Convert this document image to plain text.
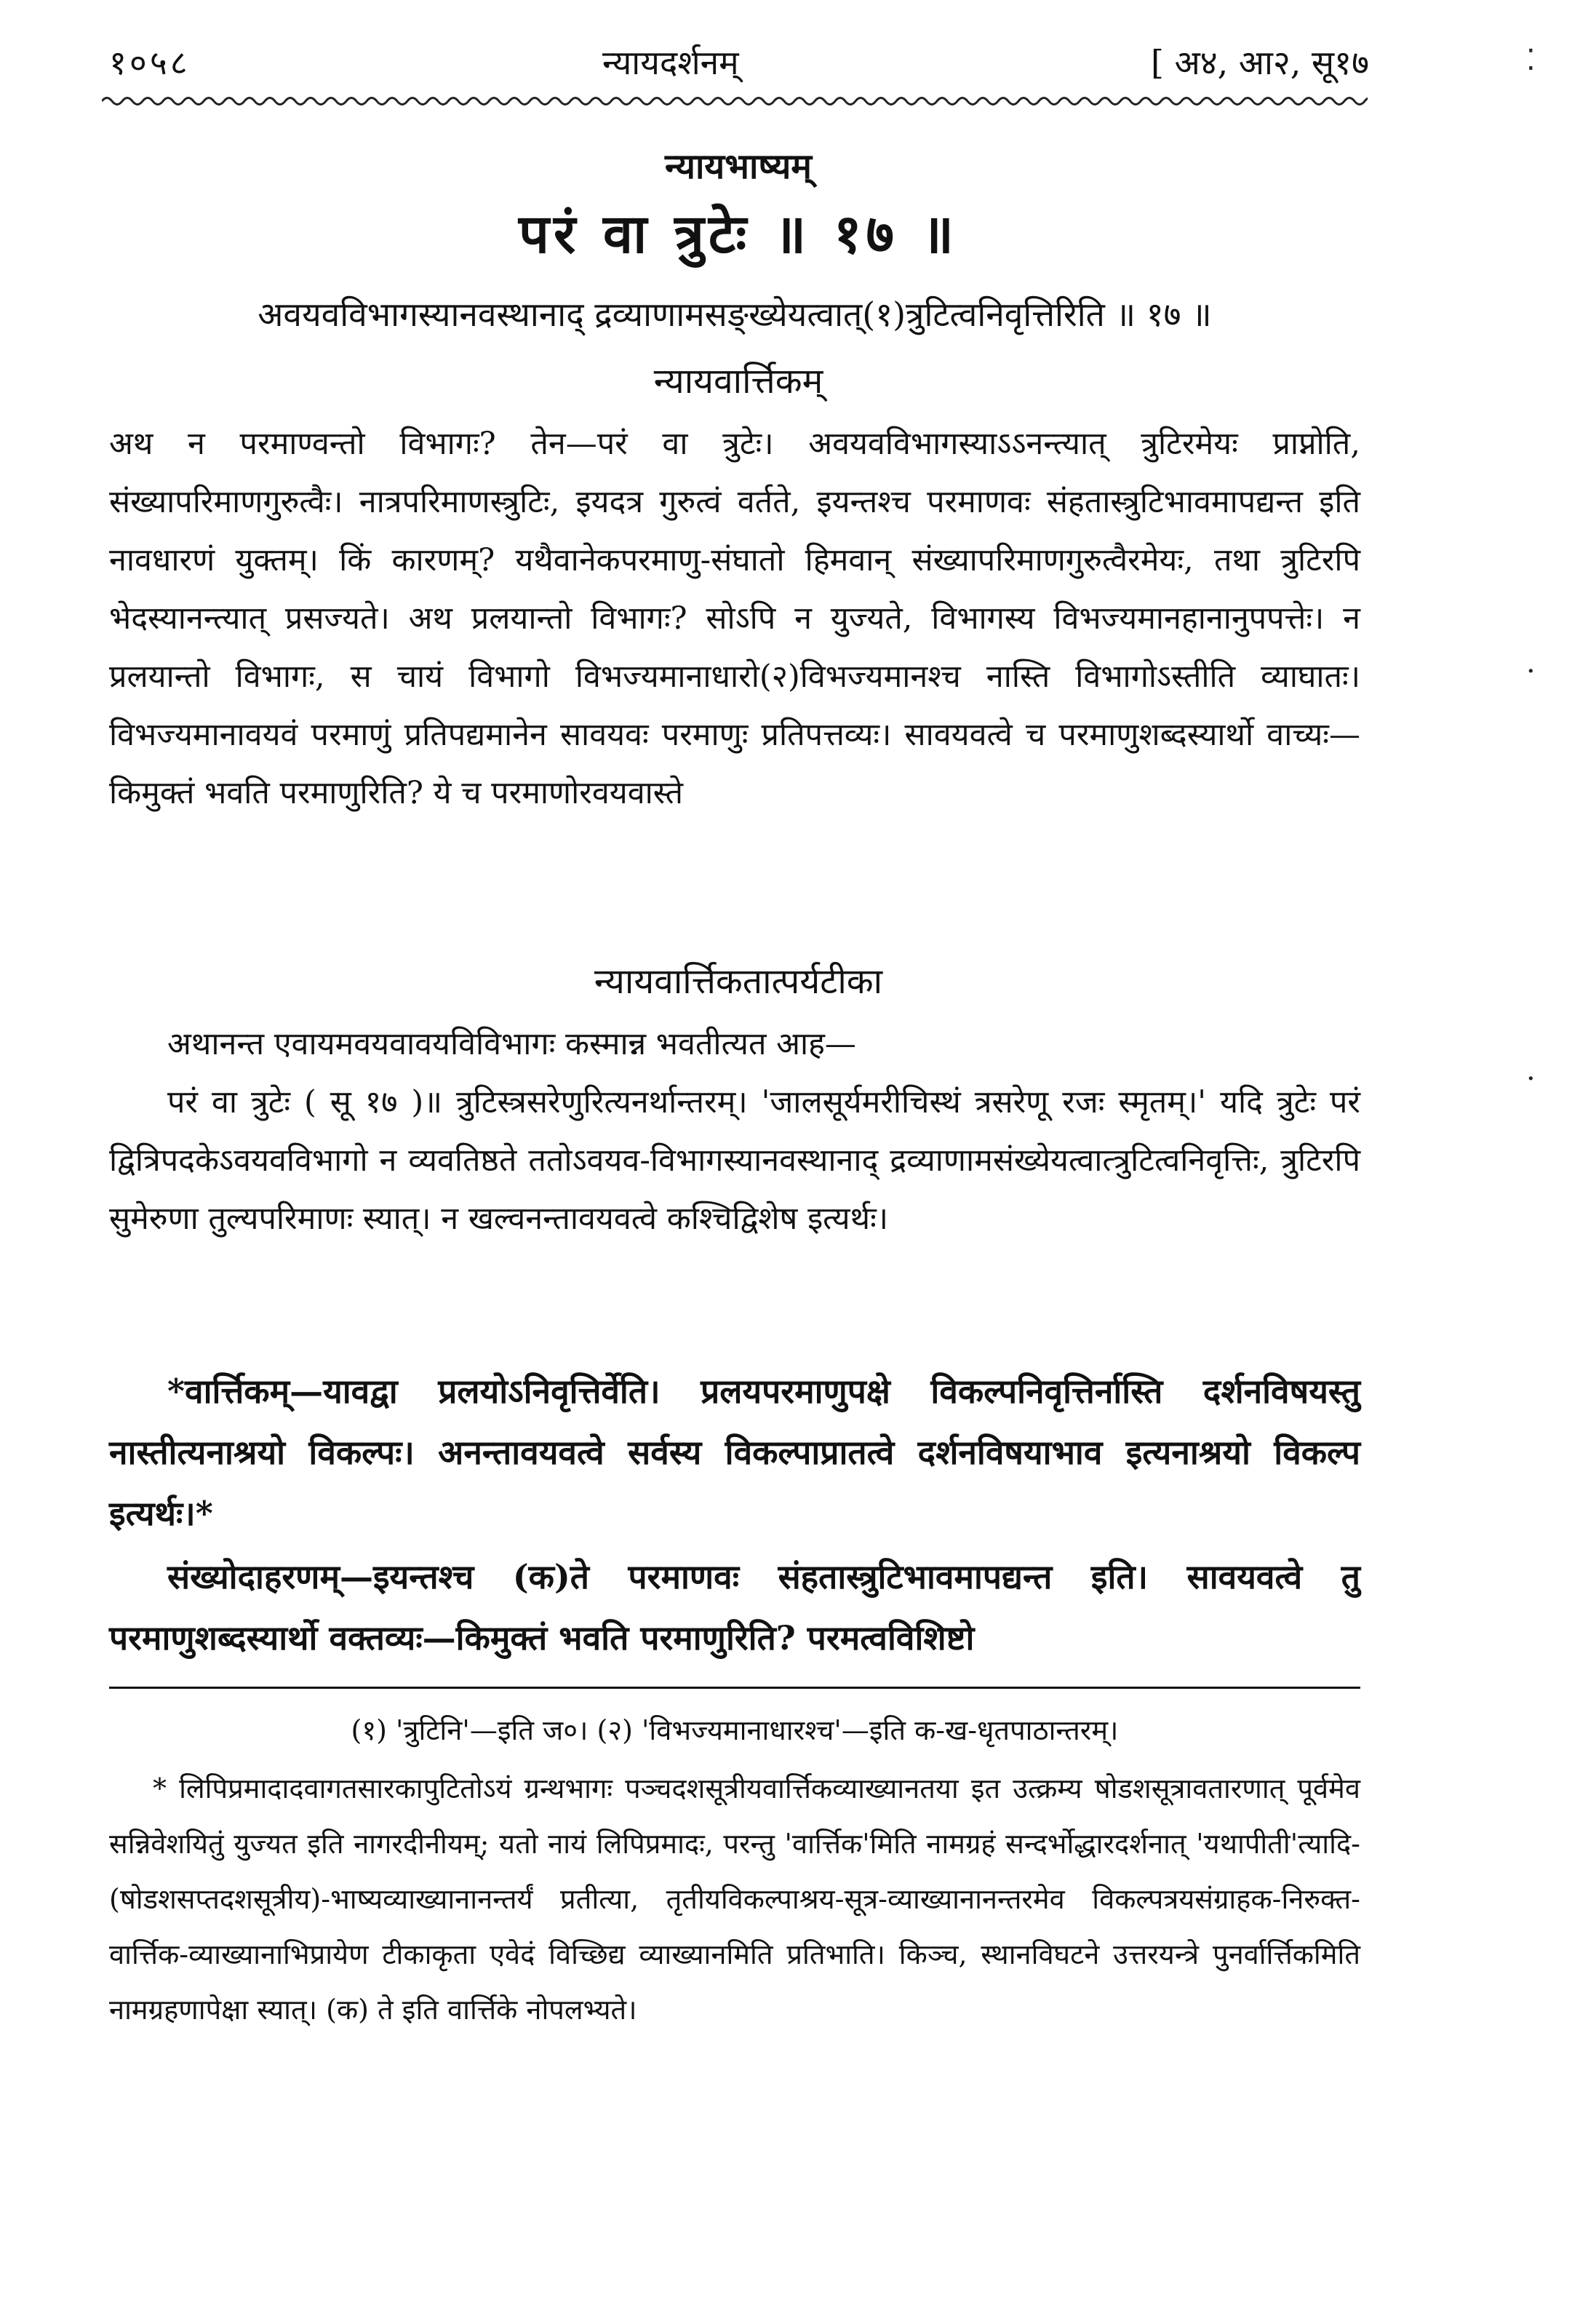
१०५८	न्यायदर्शनम्	[ अ४, आ२, सू१७	⁚
·
·
न्यायभाष्यम्
परं वा त्रुटेः ॥ १७ ॥
अवयवविभागस्यानवस्थानाद् द्रव्याणामसङ्ख्येयत्वात्(१)त्रुटित्वनिवृत्तिरिति ॥ १७ ॥
न्यायवार्त्तिकम्

अथ न परमाण्वन्तो विभागः? तेन—परं वा त्रुटेः। अवयवविभागस्याऽऽनन्त्यात् त्रुटिरमेयः प्राप्नोति, संख्यापरिमाणगुरुत्वैः। नात्रपरिमाणस्त्रुटिः, इयदत्र गुरुत्वं वर्तते, इयन्तश्च परमाणवः संहतास्त्रुटिभावमापद्यन्त इति नावधारणं युक्तम्। किं कारणम्? यथैवानेकपरमाणु-संघातो हिमवान् संख्यापरिमाणगुरुत्वैरमेयः, तथा त्रुटिरपि भेदस्यानन्त्यात् प्रसज्यते। अथ प्रलयान्तो विभागः? सोऽपि न युज्यते, विभागस्य विभज्यमानहानानुपपत्तेः। न प्रलयान्तो विभागः, स चायं विभागो विभज्यमानाधारो(२)विभज्यमानश्च नास्ति विभागोऽस्तीति व्याघातः। विभज्यमानावयवं परमाणुं प्रतिपद्यमानेन सावयवः परमाणुः प्रतिपत्तव्यः। सावयवत्वे च परमाणुशब्दस्यार्थो वाच्यः—किमुक्तं भवति परमाणुरिति? ये च परमाणोरवयवास्ते

न्यायवार्त्तिकतात्पर्यटीका

अथानन्त एवायमवयवावयविविभागः कस्मान्न भवतीत्यत आह—

परं वा त्रुटेः ( सू १७ )॥ त्रुटिस्त्रसरेणुरित्यनर्थान्तरम्। 'जालसूर्यमरीचिस्थं त्रसरेणू रजः स्मृतम्।' यदि त्रुटेः परं द्वित्रिपदकेऽवयवविभागो न व्यवतिष्ठते ततोऽवयव-विभागस्यानवस्थानाद् द्रव्याणामसंख्येयत्वात्त्रुटित्वनिवृत्तिः, त्रुटिरपि सुमेरुणा तुल्यपरिमाणः स्यात्। न खल्वनन्तावयवत्वे कश्चिद्विशेष इत्यर्थः।

*वार्त्तिकम्—यावद्वा प्रलयोऽनिवृत्तिर्वेति। प्रलयपरमाणुपक्षे विकल्पनिवृत्तिर्नास्ति दर्शनविषयस्तु नास्तीत्यनाश्रयो विकल्पः। अनन्तावयवत्वे सर्वस्य विकल्पाप्रातत्वे दर्शनविषयाभाव इत्यनाश्रयो विकल्प इत्यर्थः।*

संख्योदाहरणम्—इयन्तश्च (क)ते परमाणवः संहतास्त्रुटिभावमापद्यन्त इति। सावयवत्वे तु परमाणुशब्दस्यार्थो वक्तव्यः—किमुक्तं भवति परमाणुरिति? परमत्वविशिष्टो

(१) 'त्रुटिनि'—इति ज०। (२) 'विभज्यमानाधारश्च'—इति क-ख-धृतपाठान्तरम्।

* लिपिप्रमादादवागतसारकापुटितोऽयं ग्रन्थभागः पञ्चदशसूत्रीयवार्त्तिकव्याख्यानतया इत उत्क्रम्य षोडशसूत्रावतारणात् पूर्वमेव सन्निवेशयितुं युज्यत इति नागरदीनीयम्; यतो नायं लिपिप्रमादः, परन्तु 'वार्त्तिक'मिति नामग्रहं सन्दर्भोद्धारदर्शनात् 'यथापीती'त्यादि-(षोडशसप्तदशसूत्रीय)-भाष्यव्याख्यानानन्तर्यं प्रतीत्या, तृतीयविकल्पाश्रय-सूत्र-व्याख्यानानन्तरमेव विकल्पत्रयसंग्राहक-निरुक्त-वार्त्तिक-व्याख्यानाभिप्रायेण टीकाकृता एवेदं विच्छिद्य व्याख्यानमिति प्रतिभाति। किञ्च, स्थानविघटने उत्तरयन्त्रे पुनर्वार्त्तिकमिति नामग्रहणापेक्षा स्यात्। (क) ते इति वार्त्तिके नोपलभ्यते।
